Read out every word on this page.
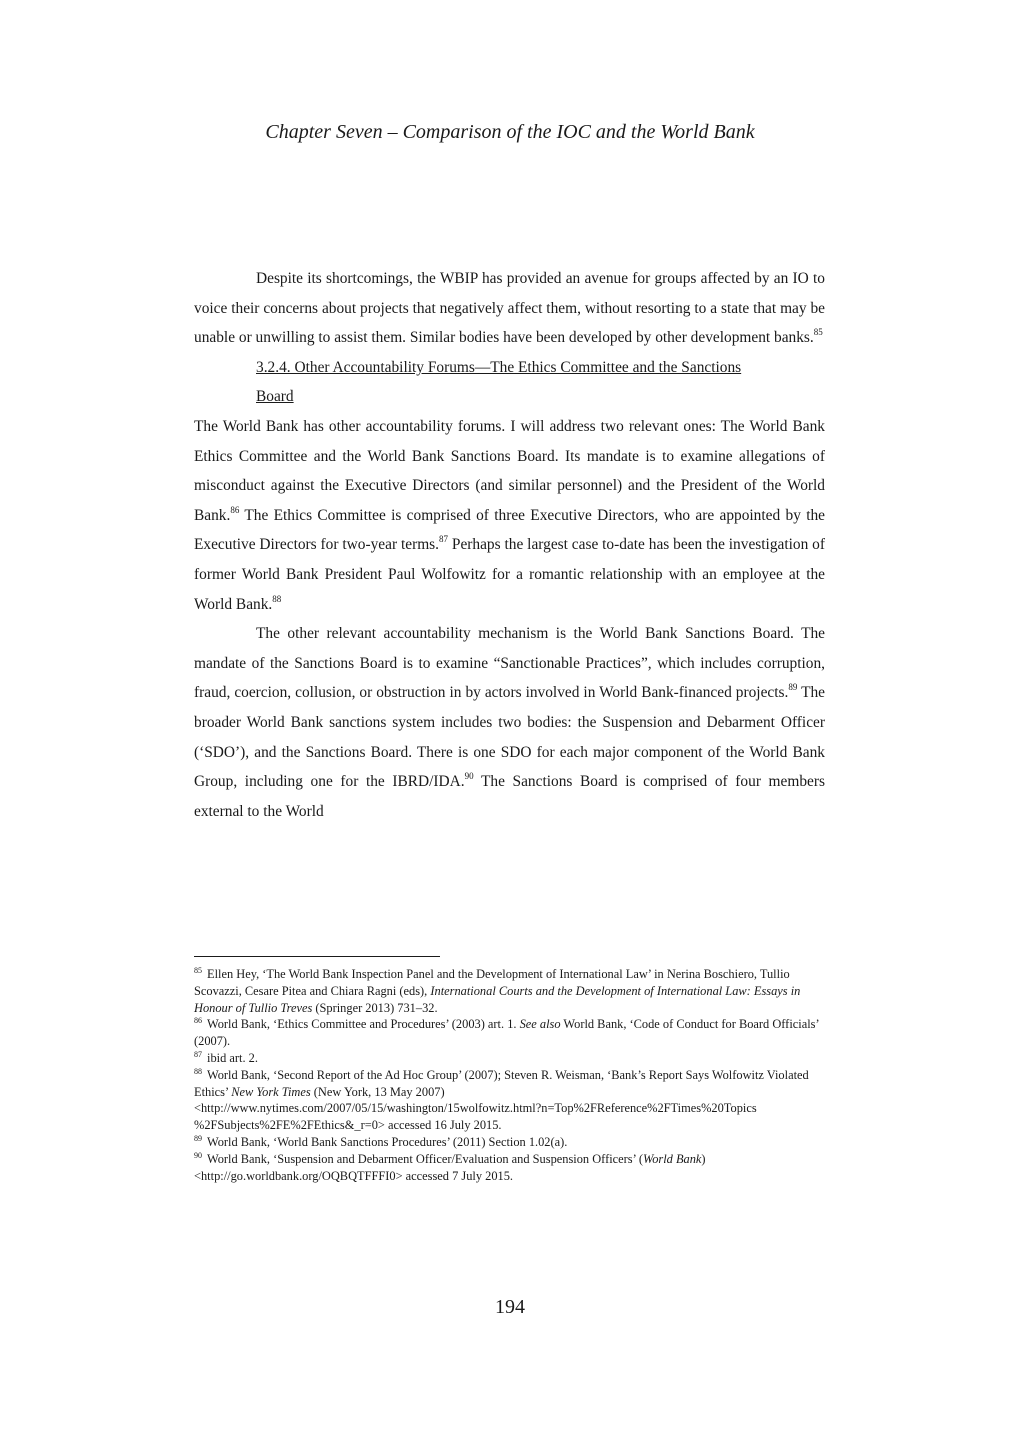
Chapter Seven – Comparison of the IOC and the World Bank

Despite its shortcomings, the WBIP has provided an avenue for groups affected by an IO to voice their concerns about projects that negatively affect them, without resorting to a state that may be unable or unwilling to assist them. Similar bodies have been developed by other development banks.$^{85}$

3.2.4. Other Accountability Forums—The Ethics Committee and the Sanctions
Board

The World Bank has other accountability forums. I will address two relevant ones: The World Bank Ethics Committee and the World Bank Sanctions Board. Its mandate is to examine allegations of misconduct against the Executive Directors (and similar personnel) and the President of the World Bank.$^{86}$ The Ethics Committee is comprised of three Executive Directors, who are appointed by the Executive Directors for two-year terms.$^{87}$ Perhaps the largest case to-date has been the investigation of former World Bank President Paul Wolfowitz for a romantic relationship with an employee at the World Bank.$^{88}$

The other relevant accountability mechanism is the World Bank Sanctions Board. The mandate of the Sanctions Board is to examine “Sanctionable Practices”, which includes corruption, fraud, coercion, collusion, or obstruction in by actors involved in World Bank-financed projects.$^{89}$ The broader World Bank sanctions system includes two bodies: the Suspension and Debarment Officer (‘SDO’), and the Sanctions Board. There is one SDO for each major component of the World Bank Group, including one for the IBRD/IDA.$^{90}$ The Sanctions Board is comprised of four members external to the World

$^{85}$ Ellen Hey, ‘The World Bank Inspection Panel and the Development of International Law’ in Nerina Boschiero, Tullio Scovazzi, Cesare Pitea and Chiara Ragni (eds), International Courts and the Development of International Law: Essays in Honour of Tullio Treves (Springer 2013) 731–32.

$^{86}$ World Bank, ‘Ethics Committee and Procedures’ (2003) art. 1. See also World Bank, ‘Code of Conduct for Board Officials’ (2007).

$^{87}$ ibid art. 2.

$^{88}$ World Bank, ‘Second Report of the Ad Hoc Group’ (2007); Steven R. Weisman, ‘Bank’s Report Says Wolfowitz Violated Ethics’ New York Times (New York, 13 May 2007)
<http://www.nytimes.com/2007/05/15/washington/15wolfowitz.html?n=Top%2FReference%2FTimes%20Topics
%2FSubjects%2FE%2FEthics&_r=0> accessed 16 July 2015.

$^{89}$ World Bank, ‘World Bank Sanctions Procedures’ (2011) Section 1.02(a).

$^{90}$ World Bank, ‘Suspension and Debarment Officer/Evaluation and Suspension Officers’ (World Bank)
<http://go.worldbank.org/OQBQTFFFI0> accessed 7 July 2015.

194
